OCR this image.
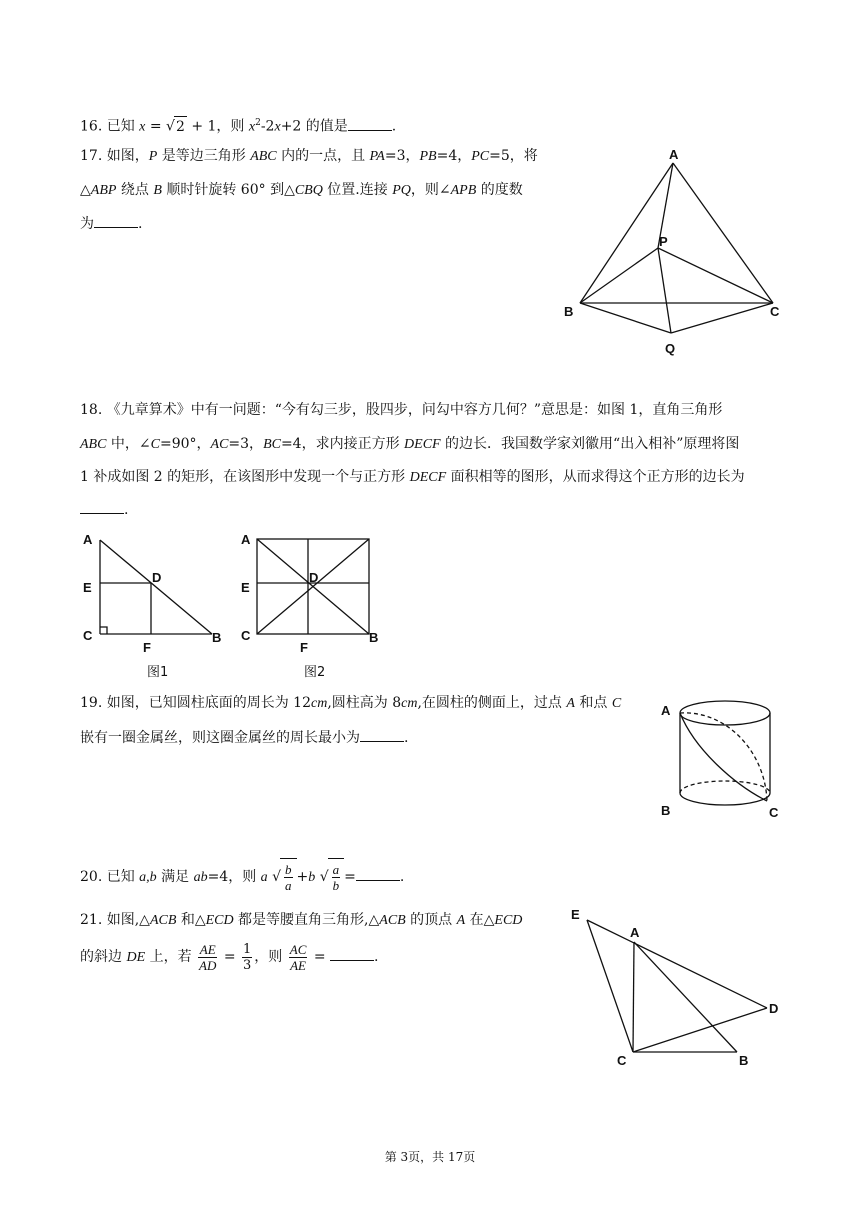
16. 已知 x = √2 + 1，则 $x^2-2x+2$ 的值是	.
17. 如图，P 是等边三角形 ABC 内的一点，且 PA=3，PB=4，PC=5，将
△ABP 绕点 B 顺时针旋转 60° 到△CBQ 位置.连接 PQ，则∠APB 的度数
为	.
A
P
B	C
Q
18. 《九章算术》中有一问题：“今有勾三步，股四步，问勾中容方几何？”意思是：如图 1，直角三角形
ABC 中，∠C=90°，AC=3，BC=4，求内接正方形 DECF 的边长．我国数学家刘徽用“出入相补”原理将图
1 补成如图 2 的矩形，在该图形中发现一个与正方形 DECF 面积相等的图形，从而求得这个正方形的边长为
.
A
E
D
C
F
B
图1
A
E
D
C
F
B
图2
19. 如图，已知圆柱底面的周长为 12cm,圆柱高为 8cm,在圆柱的侧面上，过点 A 和点 C
嵌有一圈金属丝，则这圈金属丝的周长最小为	.
A
B	C
20. 已知 a,b 满足 ab=4，则 a √ $\frac{b}{a} +b$ √ $\frac{a}{b}$ =	.
21. 如图,△ACB 和△ECD 都是等腰直角三角形,△ACB 的顶点 A 在△ECD
的斜边 DE 上，若 $\frac{AE}{AD} = \frac{1}{3}$ ，则 $\frac{AC}{AE}$ =	.
E
A
D
C	B
第 3页，共 17页
